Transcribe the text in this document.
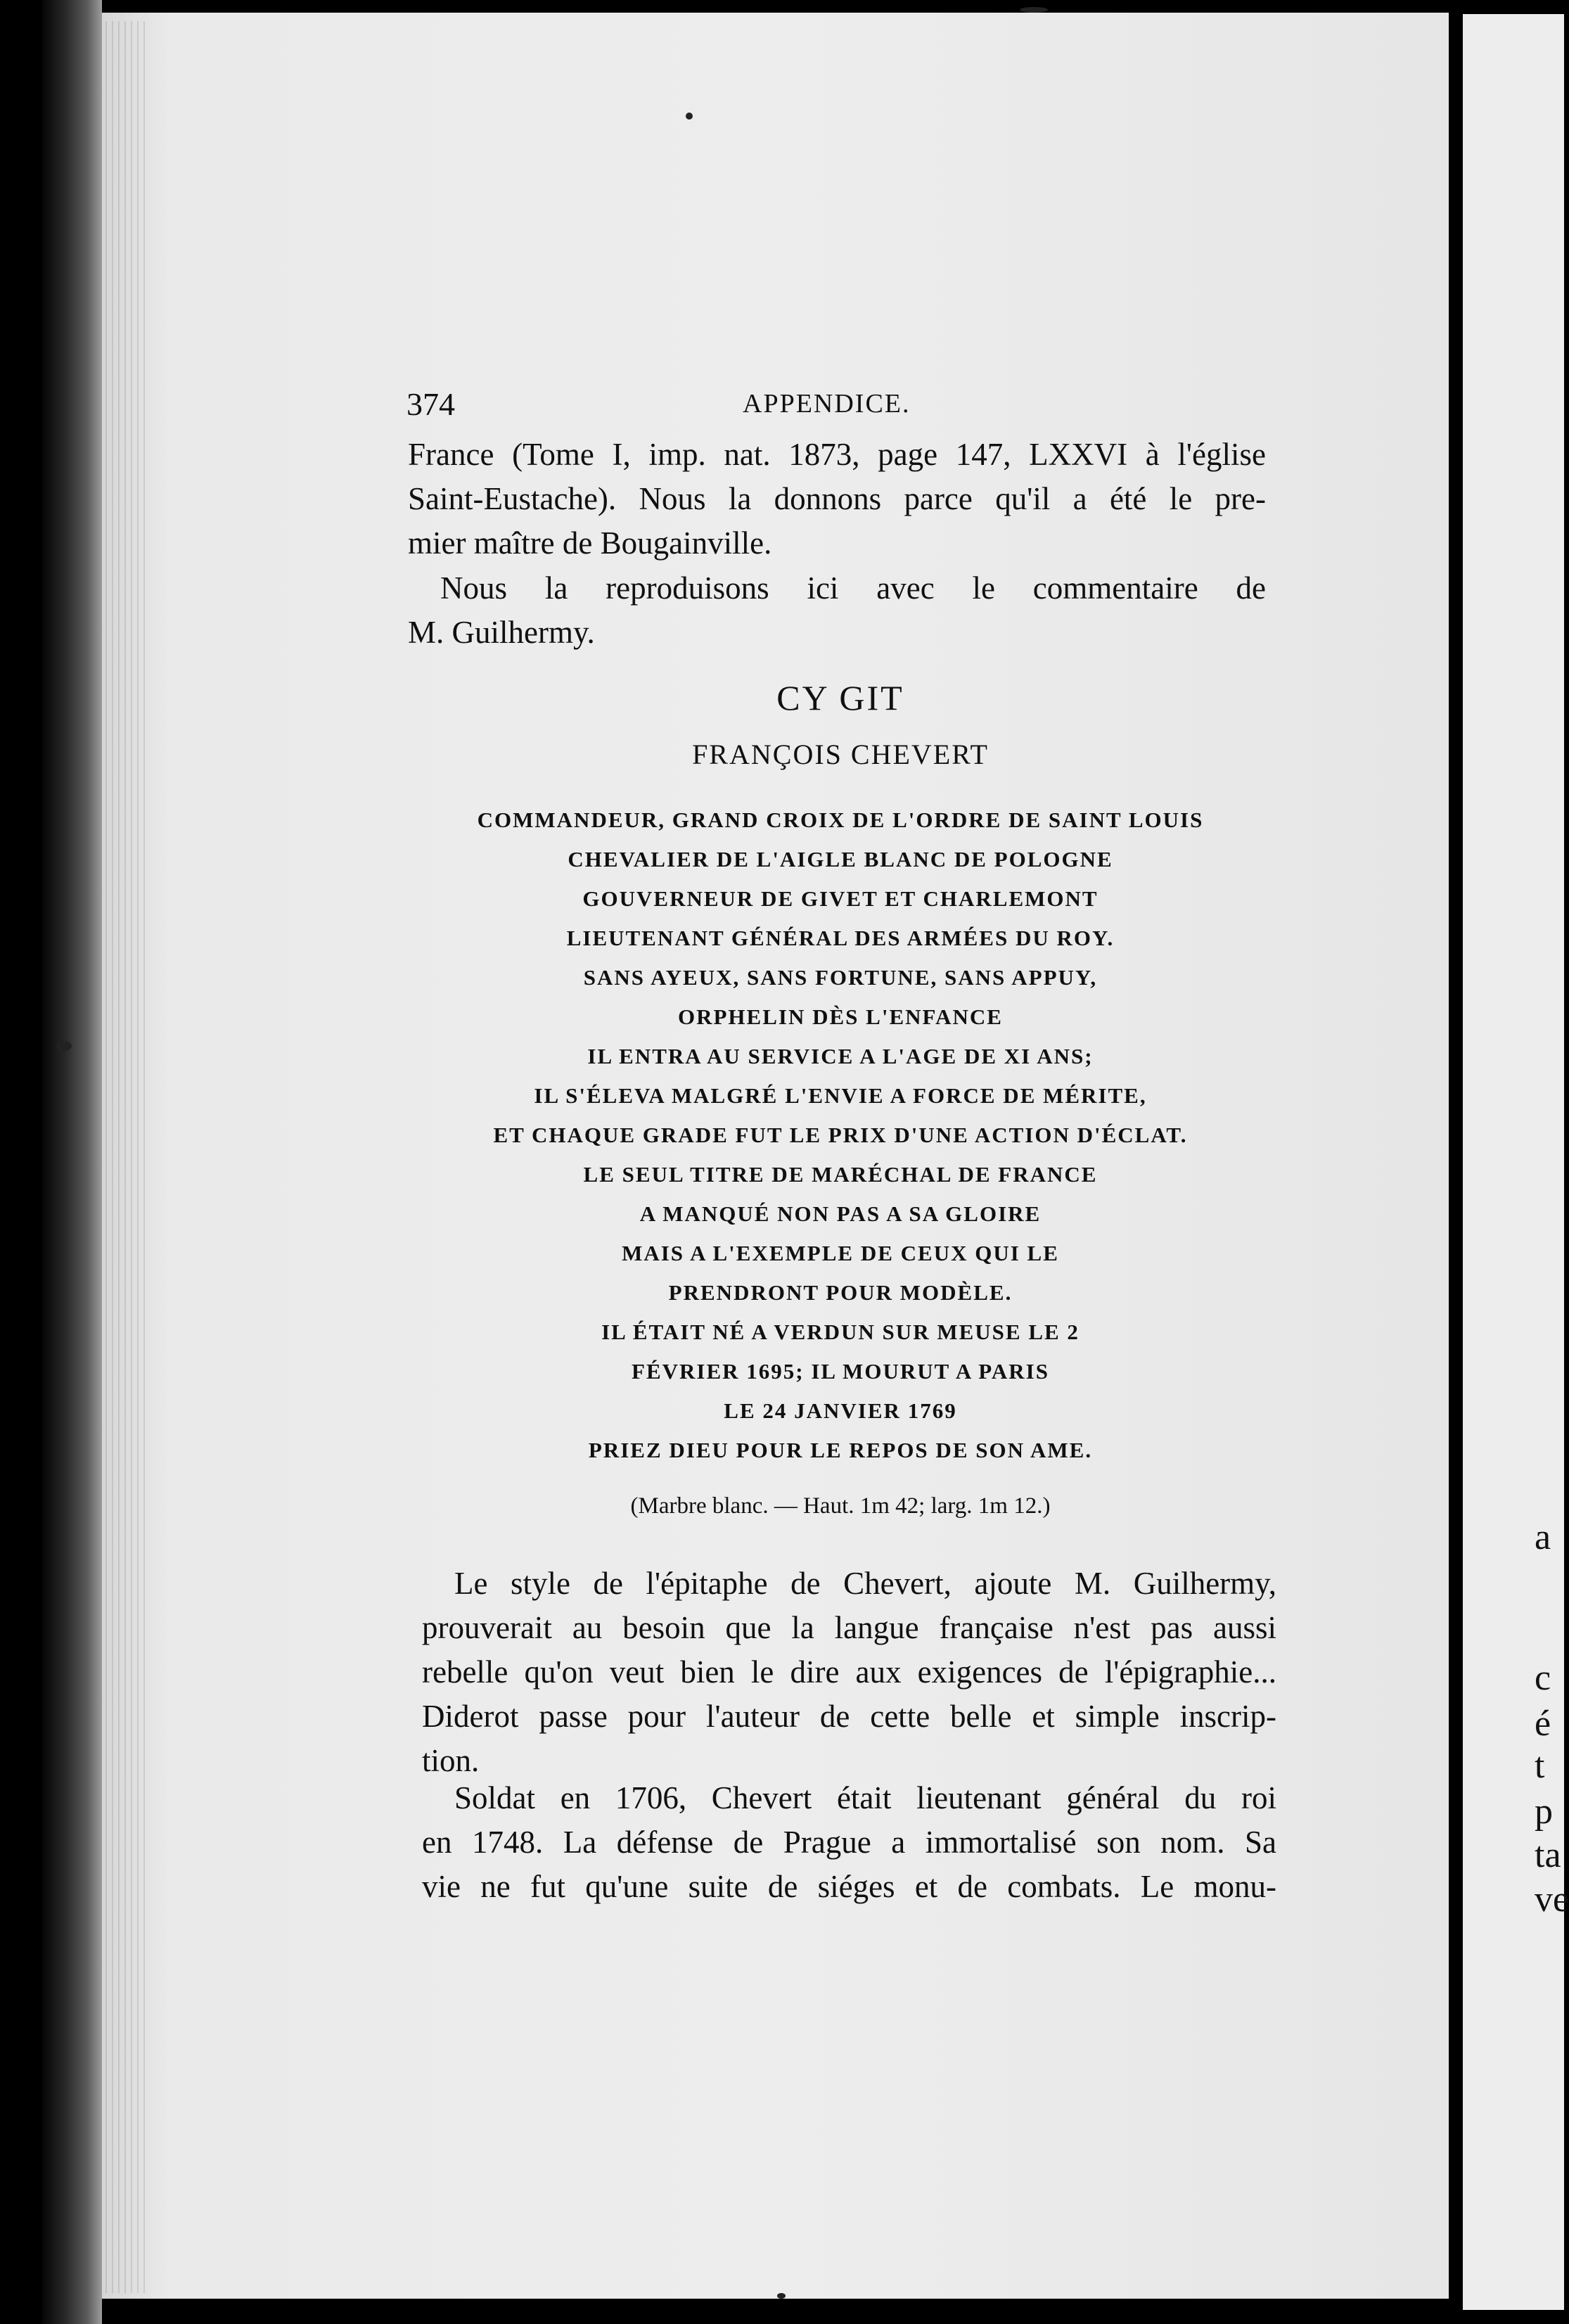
a
c
é
t
p
ta
ve
374	APPENDICE.
France (Tome I, imp. nat. 1873, page 147, LXXVI à l'église
Saint-Eustache). Nous la donnons parce qu'il a été le pre-
mier maître de Bougainville.
Nous la reproduisons ici avec le commentaire de
M. Guilhermy.
CY GIT
FRANÇOIS CHEVERT
COMMANDEUR, GRAND CROIX DE L'ORDRE DE SAINT LOUIS
CHEVALIER DE L'AIGLE BLANC DE POLOGNE
GOUVERNEUR DE GIVET ET CHARLEMONT
LIEUTENANT GÉNÉRAL DES ARMÉES DU ROY.
SANS AYEUX, SANS FORTUNE, SANS APPUY,
ORPHELIN DÈS L'ENFANCE
IL ENTRA AU SERVICE A L'AGE DE XI ANS;
IL S'ÉLEVA MALGRÉ L'ENVIE A FORCE DE MÉRITE,
ET CHAQUE GRADE FUT LE PRIX D'UNE ACTION D'ÉCLAT.
LE SEUL TITRE DE MARÉCHAL DE FRANCE
A MANQUÉ NON PAS A SA GLOIRE
MAIS A L'EXEMPLE DE CEUX QUI LE
PRENDRONT POUR MODÈLE.
IL ÉTAIT NÉ A VERDUN SUR MEUSE LE 2
FÉVRIER 1695; IL MOURUT A PARIS
LE 24 JANVIER 1769
PRIEZ DIEU POUR LE REPOS DE SON AME.
(Marbre blanc. — Haut. 1m 42; larg. 1m 12.)
Le style de l'épitaphe de Chevert, ajoute M. Guilhermy,
prouverait au besoin que la langue française n'est pas aussi
rebelle qu'on veut bien le dire aux exigences de l'épigraphie...
Diderot passe pour l'auteur de cette belle et simple inscrip-
tion.
Soldat en 1706, Chevert était lieutenant général du roi
en 1748. La défense de Prague a immortalisé son nom. Sa
vie ne fut qu'une suite de siéges et de combats. Le monu-
